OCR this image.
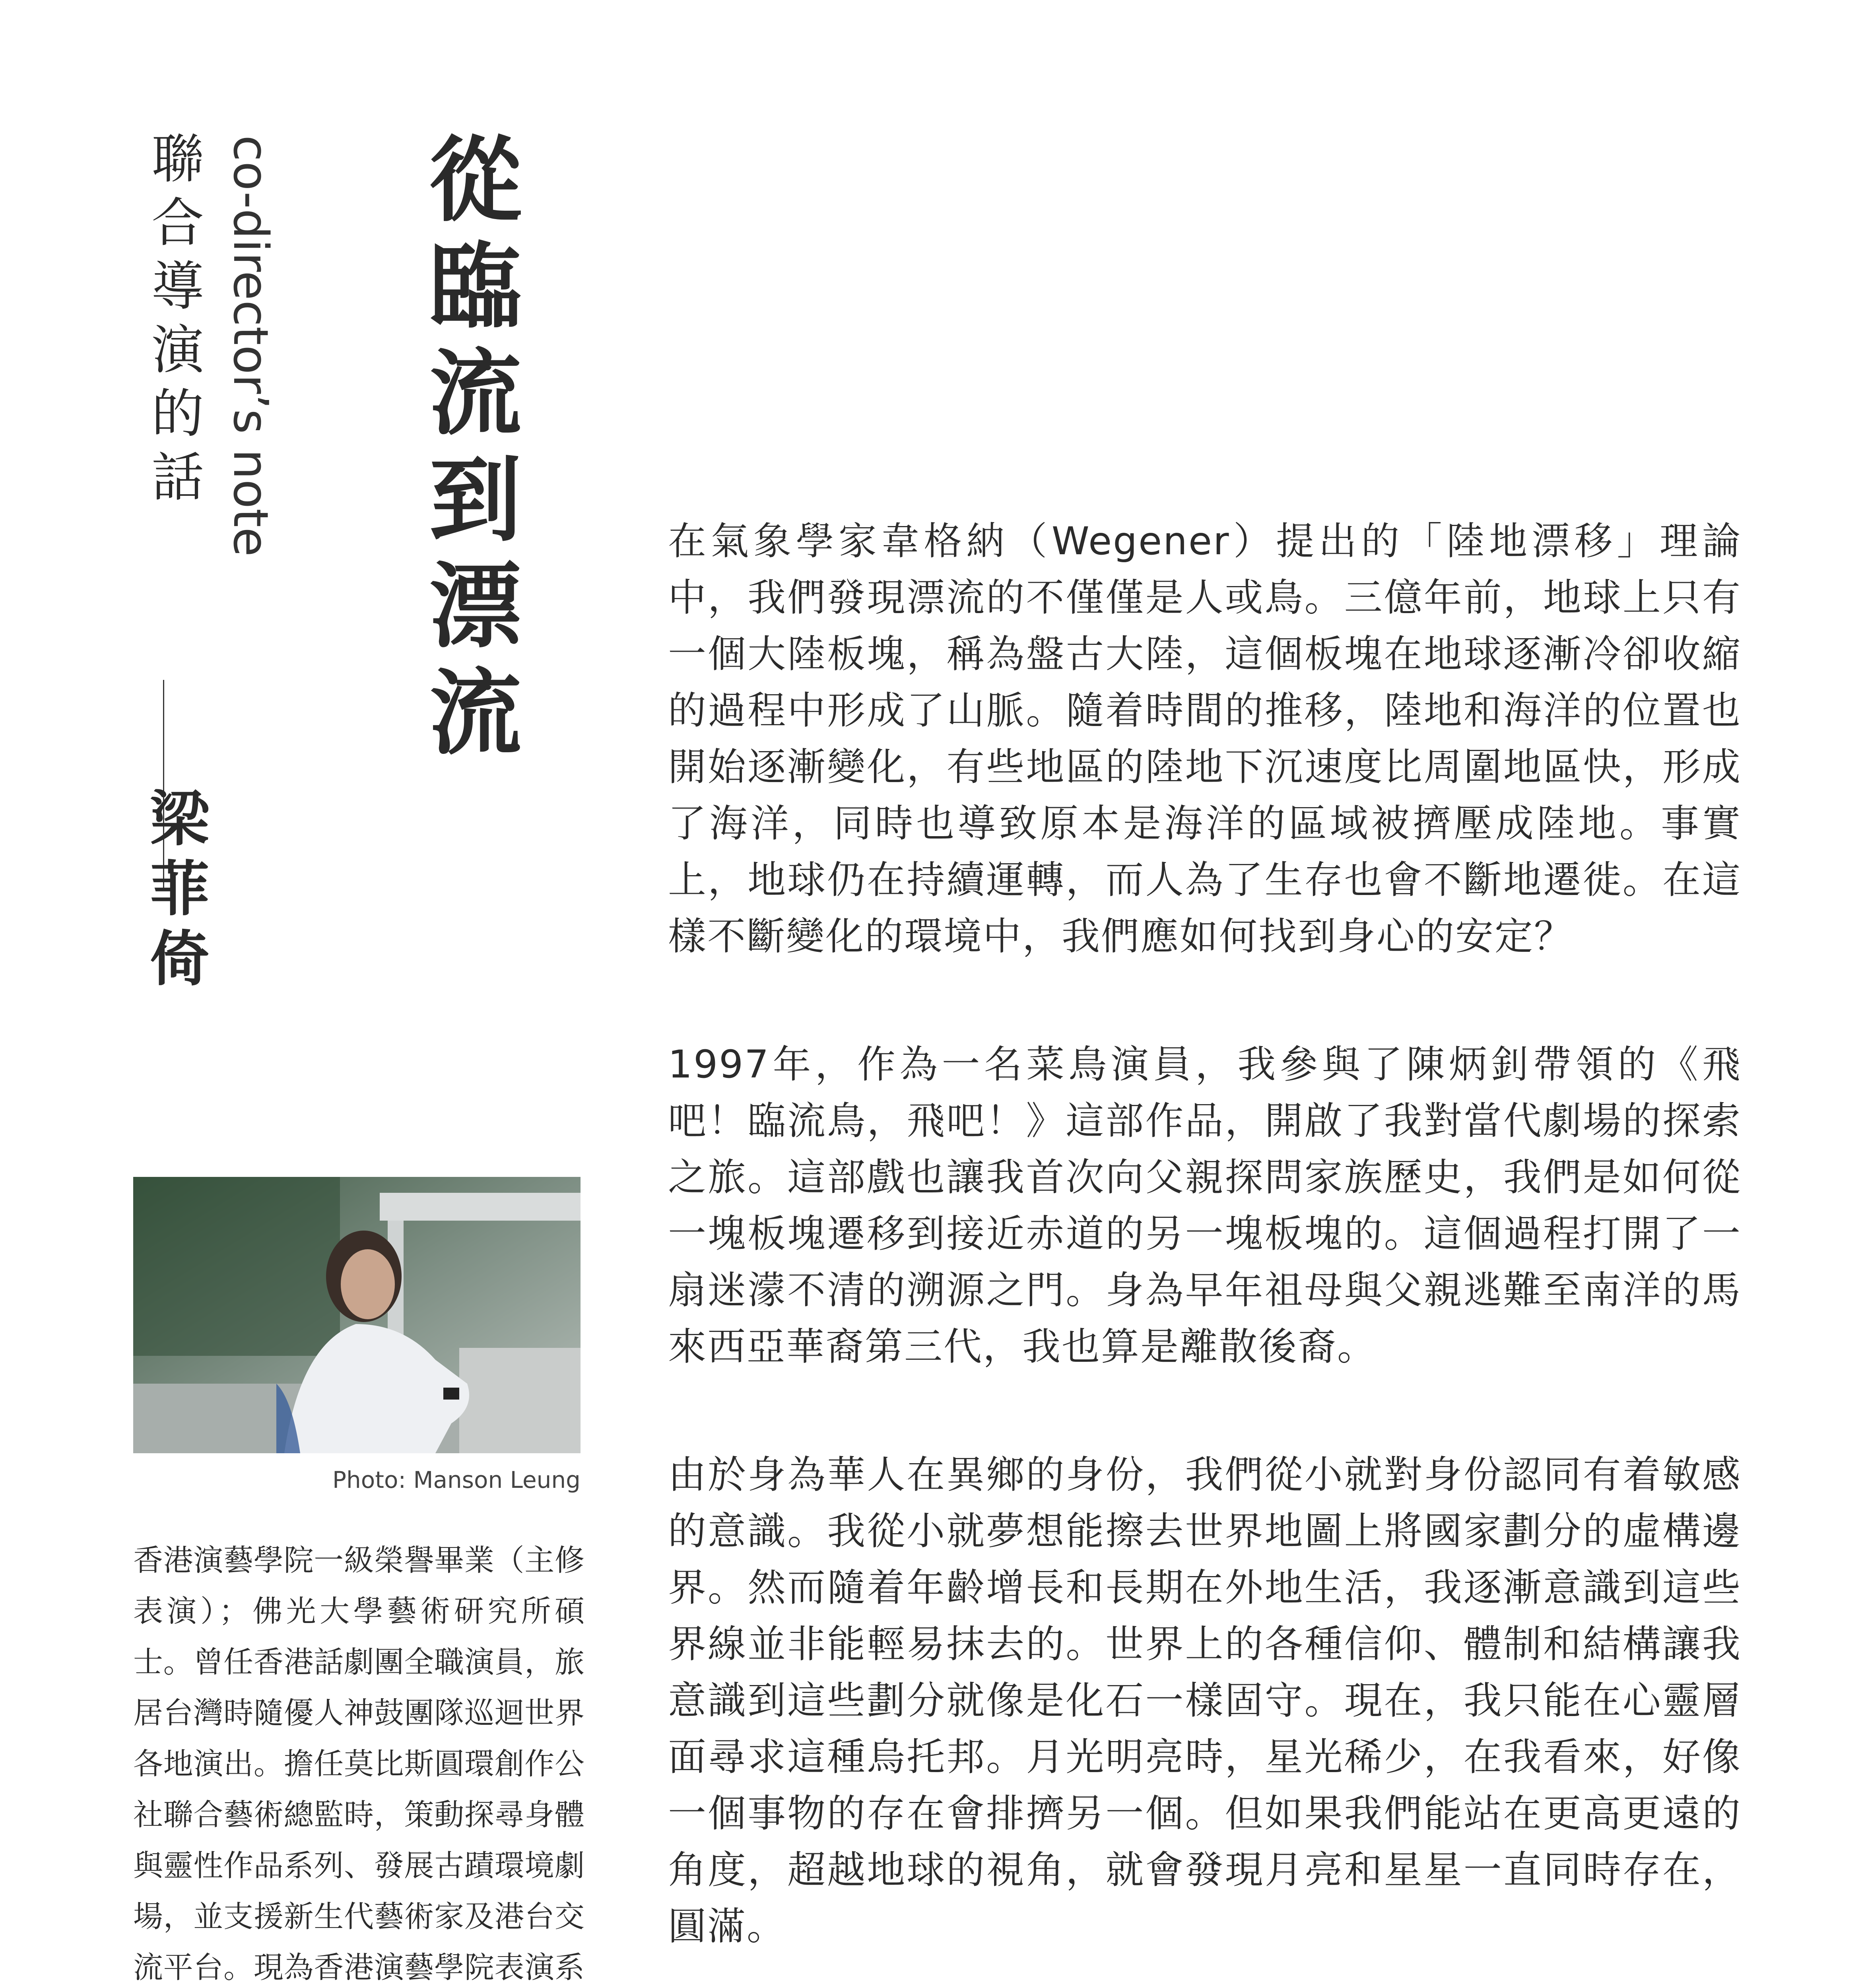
從臨流到漂流
co-director’s note
聯合導演的話
梁菲倚
Photo: Manson Leung

香港演藝學院一級榮譽畢業（主修表演）；佛光大學藝術研究所碩士。曾任香港話劇團全職演員，旅居台灣時隨優人神鼓團隊巡迴世界各地演出。擔任莫比斯圓環創作公社聯合藝術總監時，策動探尋身體與靈性作品系列、發展古蹟環境劇場，並支援新生代藝術家及港台交流平台。現為香港演藝學院表演系

在氣象學家韋格納（Wegener）提出的「陸地漂移」理論中，我們發現漂流的不僅僅是人或鳥。三億年前，地球上只有一個大陸板塊，稱為盤古大陸，這個板塊在地球逐漸冷卻收縮的過程中形成了山脈。隨着時間的推移，陸地和海洋的位置也開始逐漸變化，有些地區的陸地下沉速度比周圍地區快，形成了海洋，同時也導致原本是海洋的區域被擠壓成陸地。事實上，地球仍在持續運轉，而人為了生存也會不斷地遷徙。在這樣不斷變化的環境中，我們應如何找到身心的安定？

1997年，作為一名菜鳥演員，我參與了陳炳釗帶領的《飛吧！臨流鳥，飛吧！》這部作品，開啟了我對當代劇場的探索之旅。這部戲也讓我首次向父親探問家族歷史，我們是如何從一塊板塊遷移到接近赤道的另一塊板塊的。這個過程打開了一扇迷濛不清的溯源之門。身為早年祖母與父親逃難至南洋的馬來西亞華裔第三代，我也算是離散後裔。

由於身為華人在異鄉的身份，我們從小就對身份認同有着敏感的意識。我從小就夢想能擦去世界地圖上將國家劃分的虛構邊界。然而隨着年齡增長和長期在外地生活，我逐漸意識到這些界線並非能輕易抹去的。世界上的各種信仰、體制和結構讓我意識到這些劃分就像是化石一樣固守。現在，我只能在心靈層面尋求這種烏托邦。月光明亮時，星光稀少，在我看來，好像一個事物的存在會排擠另一個。但如果我們能站在更高更遠的角度，超越地球的視角，就會發現月亮和星星一直同時存在，圓滿。
